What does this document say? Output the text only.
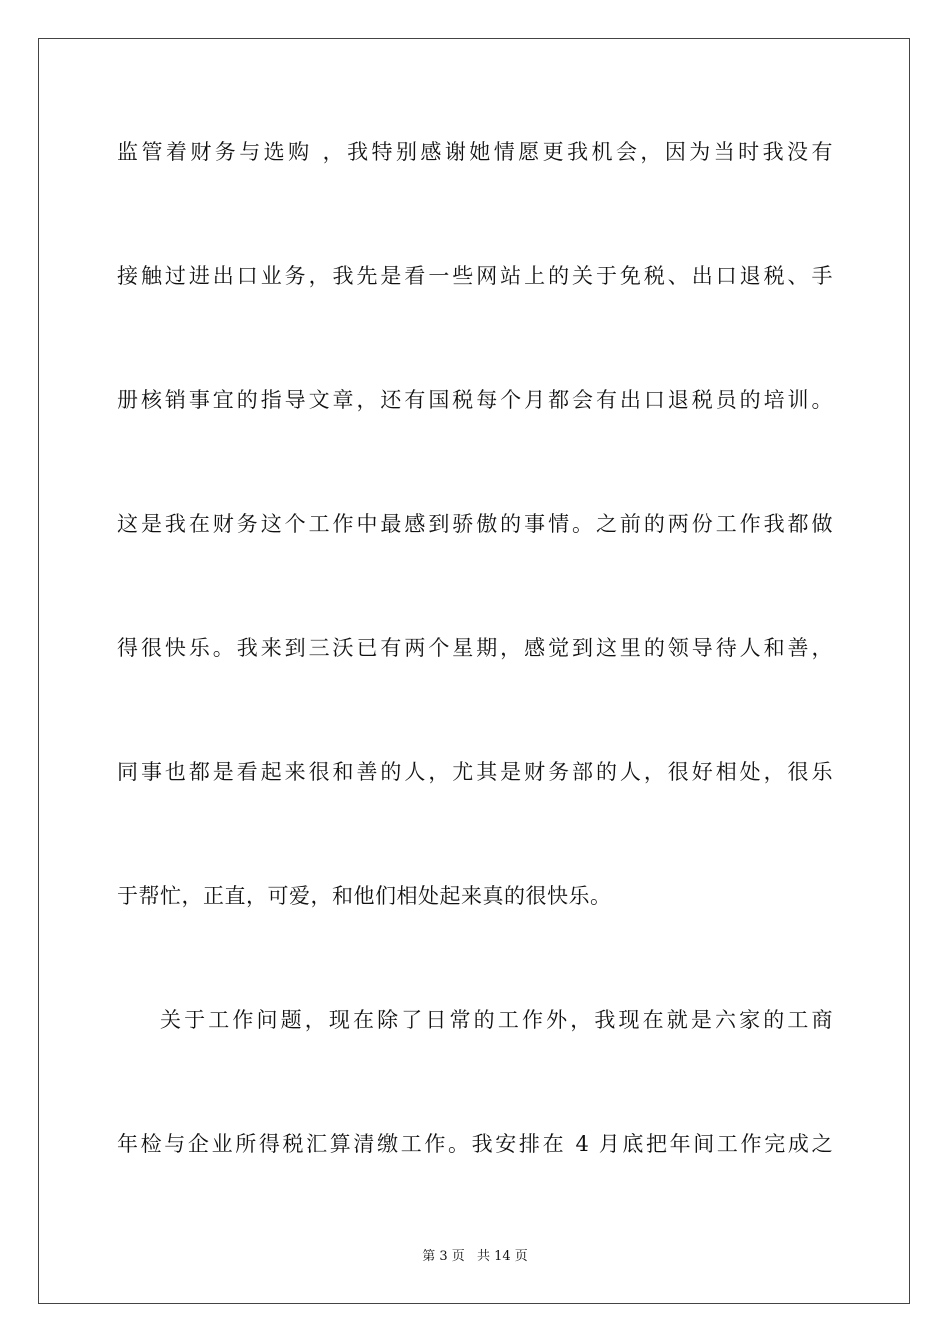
监管着财务与选购 ，我特别感谢她情愿更我机会，因为当时我没有
接触过进出口业务，我先是看一些网站上的关于免税、出口退税、手
册核销事宜的指导文章，还有国税每个月都会有出口退税员的培训。
这是我在财务这个工作中最感到骄傲的事情。之前的两份工作我都做
得很快乐。我来到三沃已有两个星期，感觉到这里的领导待人和善，
同事也都是看起来很和善的人，尤其是财务部的人，很好相处，很乐
于帮忙，正直，可爱，和他们相处起来真的很快乐。
关于工作问题，现在除了日常的工作外，我现在就是六家的工商
年检与企业所得税汇算清缴工作。我安排在 4 月底把年间工作完成之
第 3 页 共 14 页
